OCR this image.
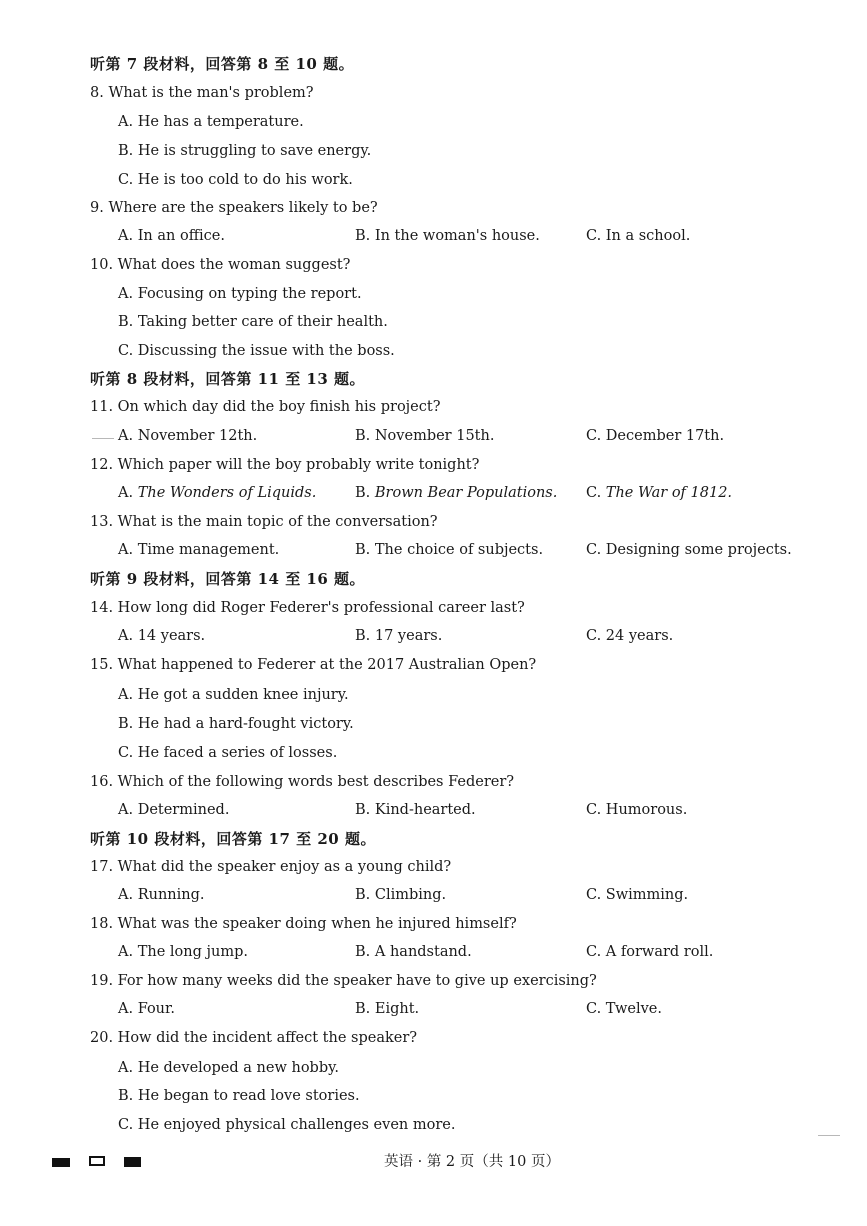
听第 7 段材料，回答第 8 至 10 题。
8. What is the man's problem?
A. He has a temperature.
B. He is struggling to save energy.
C. He is too cold to do his work.
9. Where are the speakers likely to be?
A. In an office.	B. In the woman's house.	C. In a school.
10. What does the woman suggest?
A. Focusing on typing the report.
B. Taking better care of their health.
C. Discussing the issue with the boss.
听第 8 段材料，回答第 11 至 13 题。
11. On which day did the boy finish his project?
A. November 12th.	B. November 15th.	C. December 17th.
12. Which paper will the boy probably write tonight?
A. The Wonders of Liquids.	B. Brown Bear Populations. C. The War of 1812.
13. What is the main topic of the conversation?
A. Time management.	B. The choice of subjects.	C. Designing some projects.
听第 9 段材料，回答第 14 至 16 题。
14. How long did Roger Federer's professional career last?
A. 14 years.	B. 17 years.	C. 24 years.
15. What happened to Federer at the 2017 Australian Open?
A. He got a sudden knee injury.
B. He had a hard-fought victory.
C. He faced a series of losses.
16. Which of the following words best describes Federer?
A. Determined.	B. Kind-hearted.	C. Humorous.
听第 10 段材料，回答第 17 至 20 题。
17. What did the speaker enjoy as a young child?
A. Running.	B. Climbing.	C. Swimming.
18. What was the speaker doing when he injured himself?
A. The long jump.	B. A handstand.	C. A forward roll.
19. For how many weeks did the speaker have to give up exercising?
A. Four.	B. Eight.	C. Twelve.
20. How did the incident affect the speaker?
A. He developed a new hobby.
B. He began to read love stories.
C. He enjoyed physical challenges even more.
英语 · 第 2 页（共 10 页）
